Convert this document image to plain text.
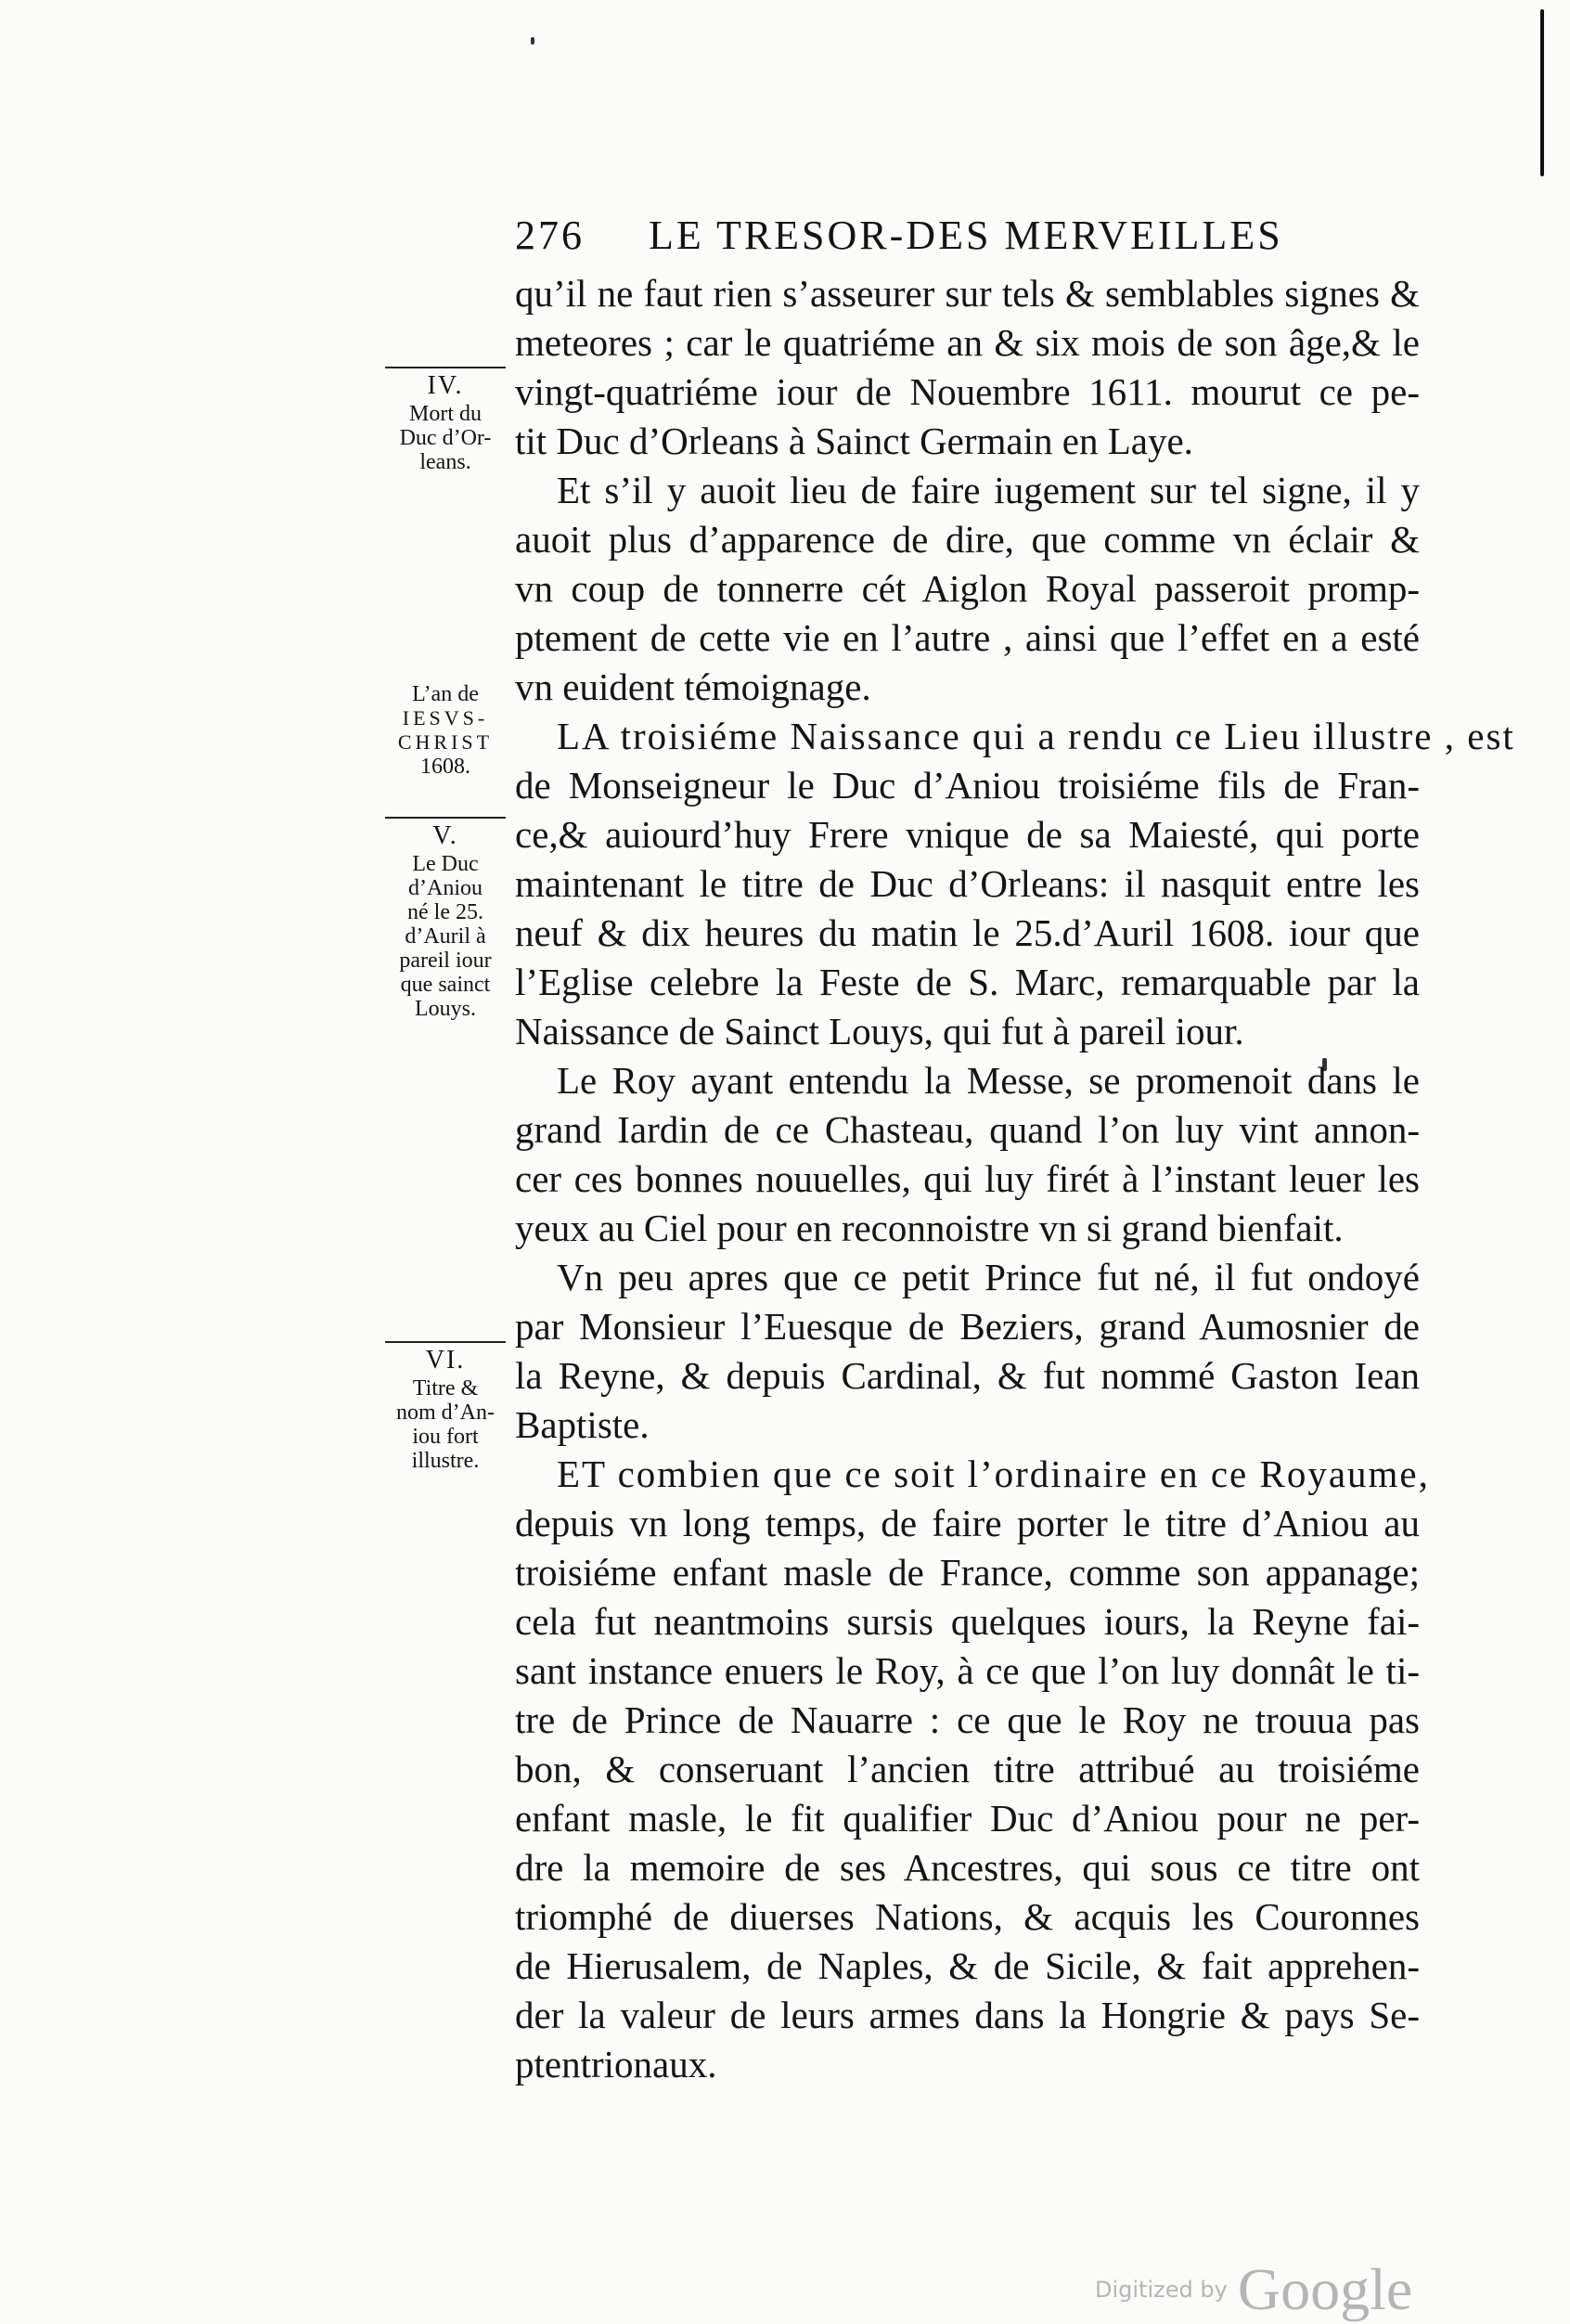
276 LE TRESOR-DES MERVEILLES
qu’il ne faut rien s’asseurer sur tels & semblables signes &
meteores ; car le quatriéme an & six mois de son âge,& le
vingt-quatriéme iour de Nouembre 1611. mourut ce pe-
tit Duc d’Orleans à Sainct Germain en Laye.
Et s’il y auoit lieu de faire iugement sur tel signe, il y
auoit plus d’apparence de dire, que comme vn éclair &
vn coup de tonnerre cét Aiglon Royal passeroit promp-
ptement de cette vie en l’autre , ainsi que l’effet en a esté
vn euident témoignage.
LA troisiéme Naissance qui a rendu ce Lieu illustre , est
de Monseigneur le Duc d’Aniou troisiéme fils de Fran-
ce,& auiourd’huy Frere vnique de sa Maiesté, qui porte
maintenant le titre de Duc d’Orleans: il nasquit entre les
neuf & dix heures du matin le 25.d’Auril 1608. iour que
l’Eglise celebre la Feste de S. Marc, remarquable par la
Naissance de Sainct Louys, qui fut à pareil iour.
Le Roy ayant entendu la Messe, se promenoit dans le
grand Iardin de ce Chasteau, quand l’on luy vint annon-
cer ces bonnes nouuelles, qui luy firét à l’instant leuer les
yeux au Ciel pour en reconnoistre vn si grand bienfait.
Vn peu apres que ce petit Prince fut né, il fut ondoyé
par Monsieur l’Euesque de Beziers, grand Aumosnier de
la Reyne, & depuis Cardinal, & fut nommé Gaston Iean
Baptiste.
ET combien que ce soit l’ordinaire en ce Royaume,
depuis vn long temps, de faire porter le titre d’Aniou au
troisiéme enfant masle de France, comme son appanage;
cela fut neantmoins sursis quelques iours, la Reyne fai-
sant instance enuers le Roy, à ce que l’on luy donnât le ti-
tre de Prince de Nauarre : ce que le Roy ne trouua pas
bon, & conseruant l’ancien titre attribué au troisiéme
enfant masle, le fit qualifier Duc d’Aniou pour ne per-
dre la memoire de ses Ancestres, qui sous ce titre ont
triomphé de diuerses Nations, & acquis les Couronnes
de Hierusalem, de Naples, & de Sicile, & fait apprehen-
der la valeur de leurs armes dans la Hongrie & pays Se-
ptentrionaux.
IV.
Mort du
Duc d’Or-
leans.
L’an de
IESVS-
CHRIST
1608.
V.
Le Duc
d’Aniou
né le 25.
d’Auril à
pareil iour
que sainct
Louys.
VI.
Titre &
nom d’An-
iou fort
illustre.
Digitized by Google
